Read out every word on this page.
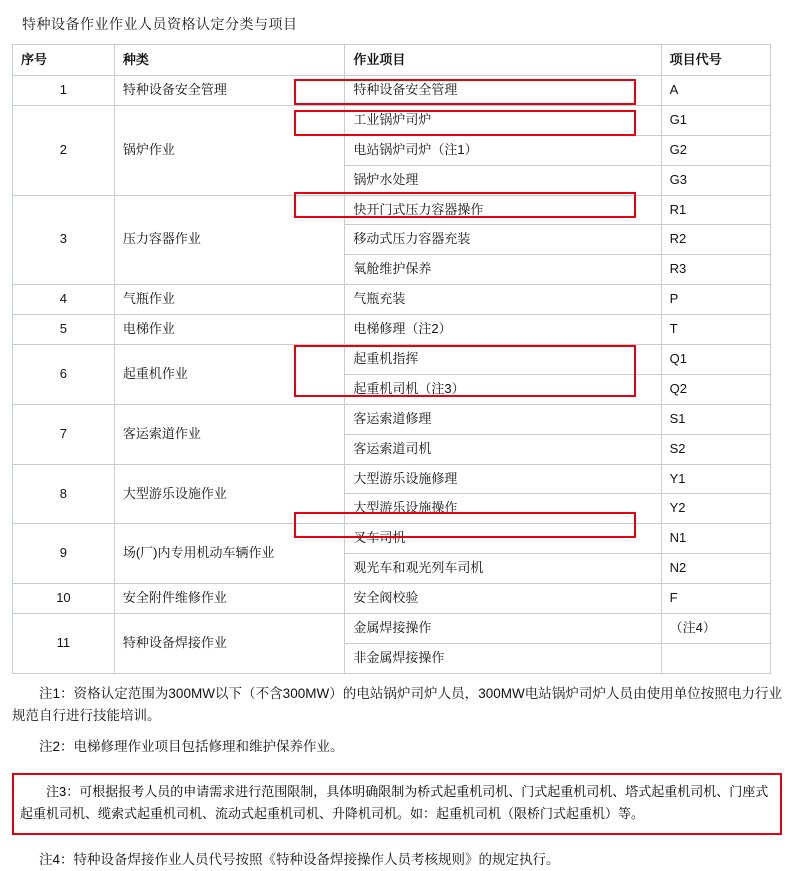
特种设备作业作业人员资格认定分类与项目
序号	种类	作业项目	项目代号
1	特种设备安全管理	特种设备安全管理	A
2	锅炉作业	工业锅炉司炉	G1
		电站锅炉司炉（注1）	G2
		锅炉水处理	G3
3	压力容器作业	快开门式压力容器操作	R1
		移动式压力容器充装	R2
		氧舱维护保养	R3
4	气瓶作业	气瓶充装	P
5	电梯作业	电梯修理（注2）	T
6	起重机作业	起重机指挥	Q1
		起重机司机（注3）	Q2
7	客运索道作业	客运索道修理	S1
		客运索道司机	S2
8	大型游乐设施作业	大型游乐设施修理	Y1
		大型游乐设施操作	Y2
9	场(厂)内专用机动车辆作业	叉车司机	N1
		观光车和观光列车司机	N2
10	安全附件维修作业	安全阀校验	F
11	特种设备焊接作业	金属焊接操作	（注4）
		非金属焊接操作	

注1：资格认定范围为300MW以下（不含300MW）的电站锅炉司炉人员，300MW电站锅炉司炉人员由使用单位按照电力行业规范自行进行技能培训。

注2：电梯修理作业项目包括修理和维护保养作业。

注3：可根据报考人员的申请需求进行范围限制，具体明确限制为桥式起重机司机、门式起重机司机、塔式起重机司机、门座式起重机司机、缆索式起重机司机、流动式起重机司机、升降机司机。如：起重机司机（限桥门式起重机）等。

注4：特种设备焊接作业人员代号按照《特种设备焊接操作人员考核规则》的规定执行。
